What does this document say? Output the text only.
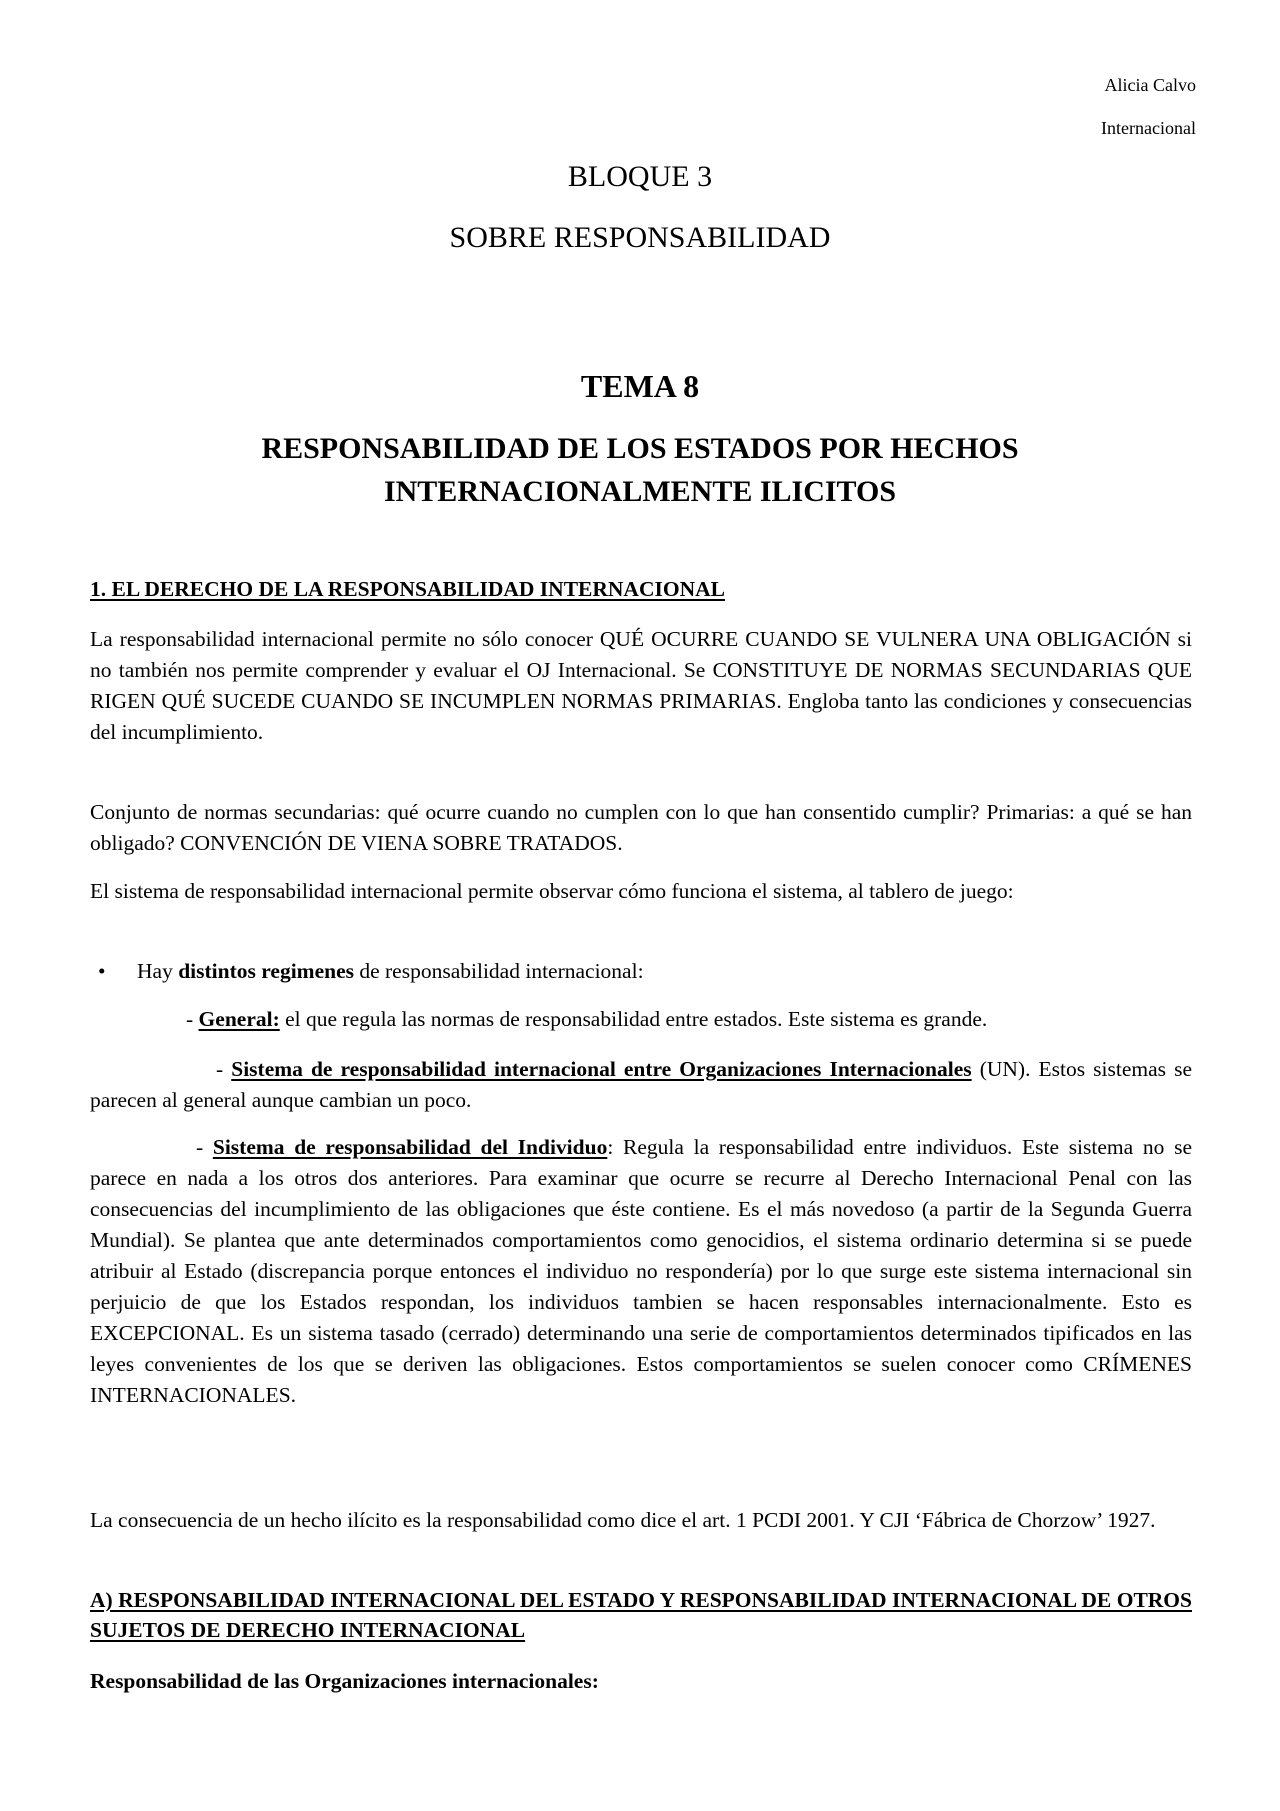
Alicia Calvo
Internacional
BLOQUE 3
SOBRE RESPONSABILIDAD
TEMA 8
RESPONSABILIDAD DE LOS ESTADOS POR HECHOS INTERNACIONALMENTE ILICITOS
1. EL DERECHO DE LA RESPONSABILIDAD INTERNACIONAL
La responsabilidad internacional permite no sólo conocer QUÉ OCURRE CUANDO SE VULNERA UNA OBLIGACIÓN si no también nos permite comprender y evaluar el OJ Internacional. Se CONSTITUYE DE NORMAS SECUNDARIAS QUE RIGEN QUÉ SUCEDE CUANDO SE INCUMPLEN NORMAS PRIMARIAS. Engloba tanto las condiciones y consecuencias del incumplimiento.
Conjunto de normas secundarias: qué ocurre cuando no cumplen con lo que han consentido cumplir? Primarias: a qué se han obligado? CONVENCIÓN DE VIENA SOBRE TRATADOS.
El sistema de responsabilidad internacional permite observar cómo funciona el sistema, al tablero de juego:
• Hay distintos regimenes de responsabilidad internacional:
- General: el que regula las normas de responsabilidad entre estados. Este sistema es grande.
- Sistema de responsabilidad internacional entre Organizaciones Internacionales (UN). Estos sistemas se parecen al general aunque cambian un poco.
- Sistema de responsabilidad del Individuo: Regula la responsabilidad entre individuos. Este sistema no se parece en nada a los otros dos anteriores. Para examinar que ocurre se recurre al Derecho Internacional Penal con las consecuencias del incumplimiento de las obligaciones que éste contiene. Es el más novedoso (a partir de la Segunda Guerra Mundial). Se plantea que ante determinados comportamientos como genocidios, el sistema ordinario determina si se puede atribuir al Estado (discrepancia porque entonces el individuo no respondería) por lo que surge este sistema internacional sin perjuicio de que los Estados respondan, los individuos tambien se hacen responsables internacionalmente. Esto es EXCEPCIONAL. Es un sistema tasado (cerrado) determinando una serie de comportamientos determinados tipificados en las leyes convenientes de los que se deriven las obligaciones. Estos comportamientos se suelen conocer como CRÍMENES INTERNACIONALES.
La consecuencia de un hecho ilícito es la responsabilidad como dice el art. 1 PCDI 2001. Y CJI ‘Fábrica de Chorzow’ 1927.
A) RESPONSABILIDAD INTERNACIONAL DEL ESTADO Y RESPONSABILIDAD INTERNACIONAL DE OTROS SUJETOS DE DERECHO INTERNACIONAL
Responsabilidad de las Organizaciones internacionales:
